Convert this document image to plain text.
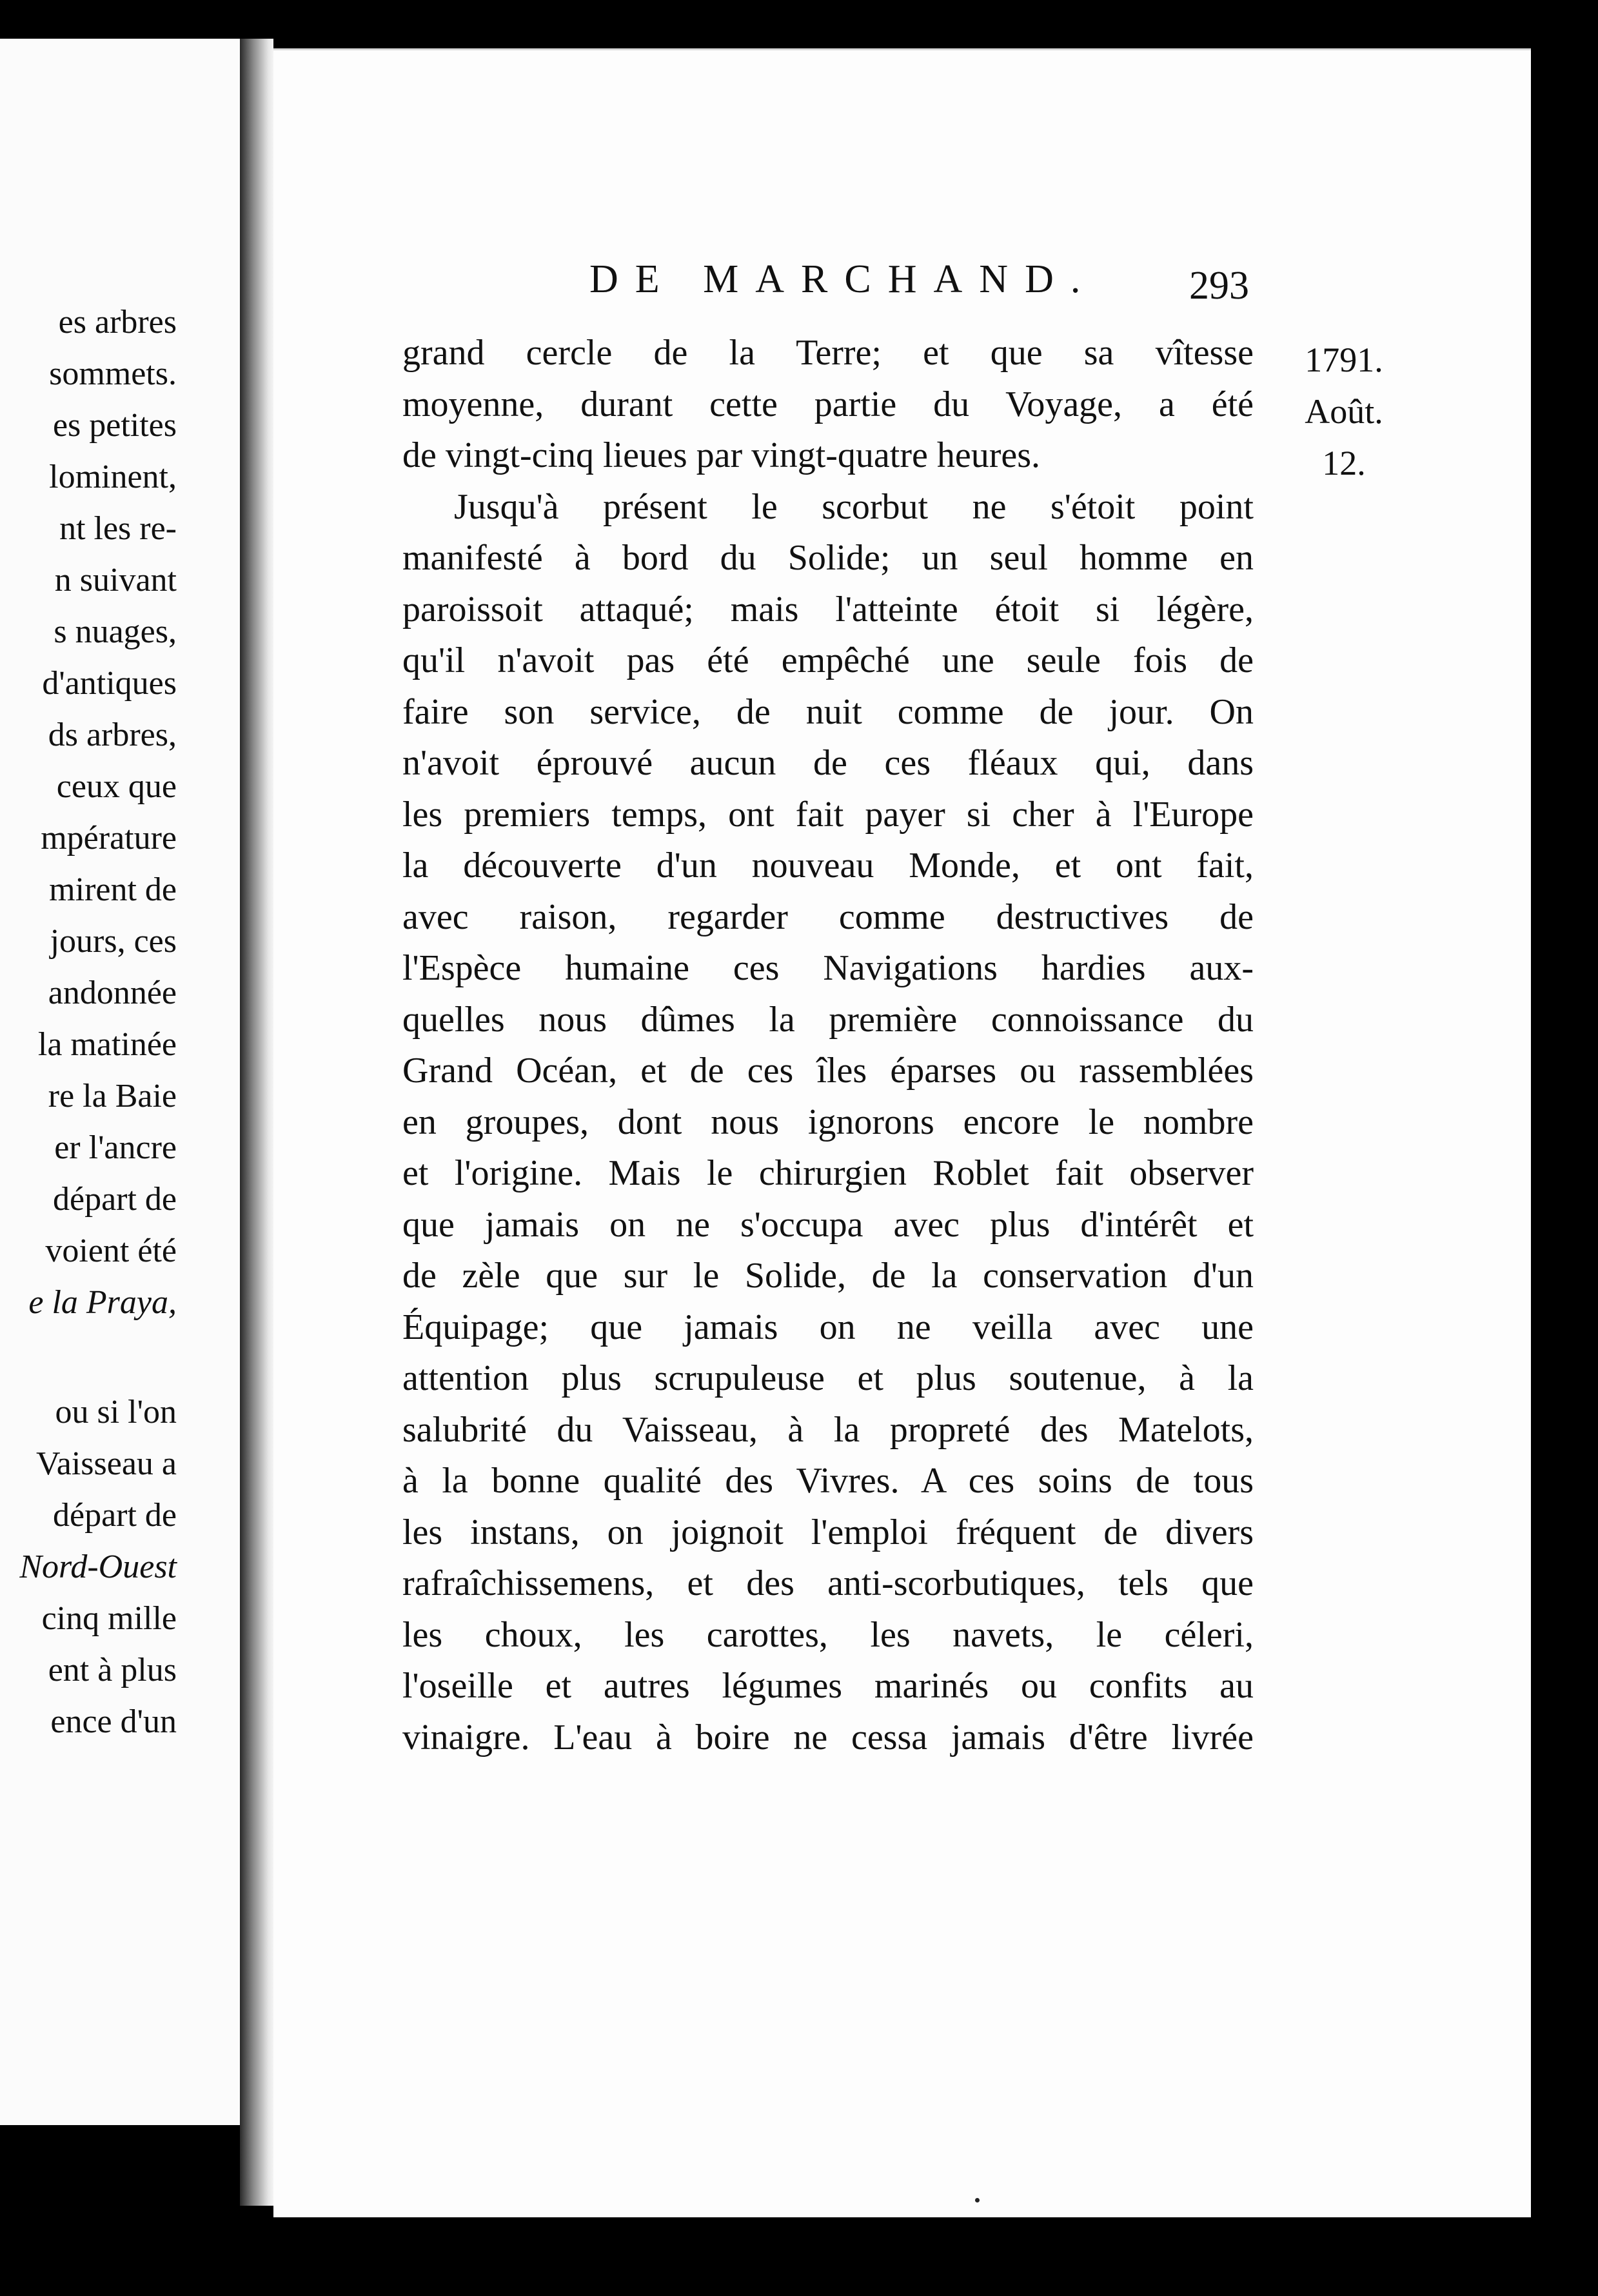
es arbres
sommets.
es petites
lominent,
nt les re-
n suivant
s nuages,
d'antiques
ds arbres,
ceux que
mpérature
mirent de
jours, ces
andonnée
la matinée
re la Baie
er l'ancre
départ de
voient été
e la Praya,
ou si l'on
Vaisseau a
départ de
Nord-Ouest
cinq mille
ent à plus
ence d'un
DE MARCHAND. 293
1791.
Août.
12.
grand cercle de la Terre; et que sa vîtesse
moyenne, durant cette partie du Voyage, a été
de vingt-cinq lieues par vingt-quatre heures.
Jusqu'à présent le scorbut ne s'étoit point
manifesté à bord du Solide; un seul homme en
paroissoit attaqué; mais l'atteinte étoit si légère,
qu'il n'avoit pas été empêché une seule fois de
faire son service, de nuit comme de jour. On
n'avoit éprouvé aucun de ces fléaux qui, dans
les premiers temps, ont fait payer si cher à l'Europe
la découverte d'un nouveau Monde, et ont fait,
avec raison, regarder comme destructives de
l'Espèce humaine ces Navigations hardies aux-
quelles nous dûmes la première connoissance du
Grand Océan, et de ces îles éparses ou rassemblées
en groupes, dont nous ignorons encore le nombre
et l'origine. Mais le chirurgien Roblet fait observer
que jamais on ne s'occupa avec plus d'intérêt et
de zèle que sur le Solide, de la conservation d'un
Équipage; que jamais on ne veilla avec une
attention plus scrupuleuse et plus soutenue, à la
salubrité du Vaisseau, à la propreté des Matelots,
à la bonne qualité des Vivres. A ces soins de tous
les instans, on joignoit l'emploi fréquent de divers
rafraîchissemens, et des anti-scorbutiques, tels que
les choux, les carottes, les navets, le céleri,
l'oseille et autres légumes marinés ou confits au
vinaigre. L'eau à boire ne cessa jamais d'être livrée
